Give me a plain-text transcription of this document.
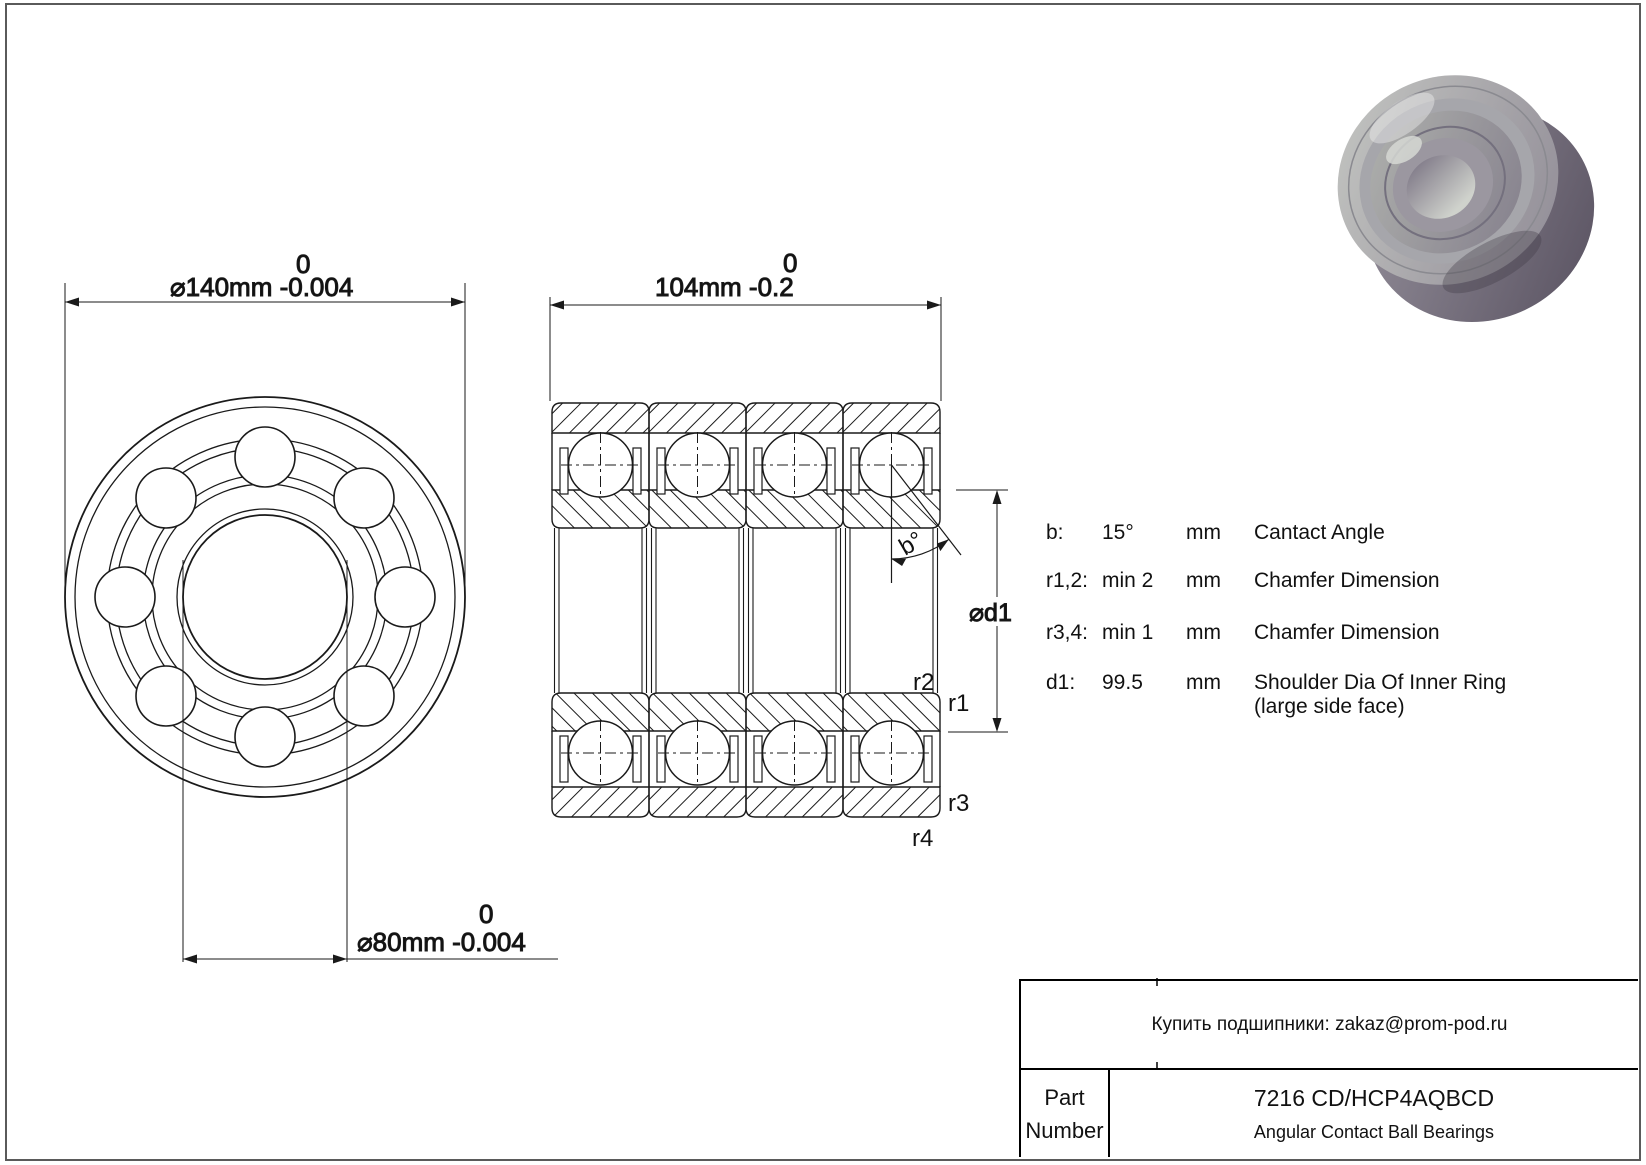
0
⌀140mm -0.004
0
⌀80mm -0.004
0
104mm -0.2
⌀d1
b°
r2
r1
r3
r4
b: 15° mm Cantact Angle
r1,2: min 2 mm Chamfer Dimension
r3,4: min 1 mm Chamfer Dimension
d1: 99.5 mm Shoulder Dia Of Inner Ring
(large side face)
Купить подшипники: zakaz@prom-pod.ru
Part Number
7216 CD/HCP4AQBCD
Angular Contact Ball Bearings
